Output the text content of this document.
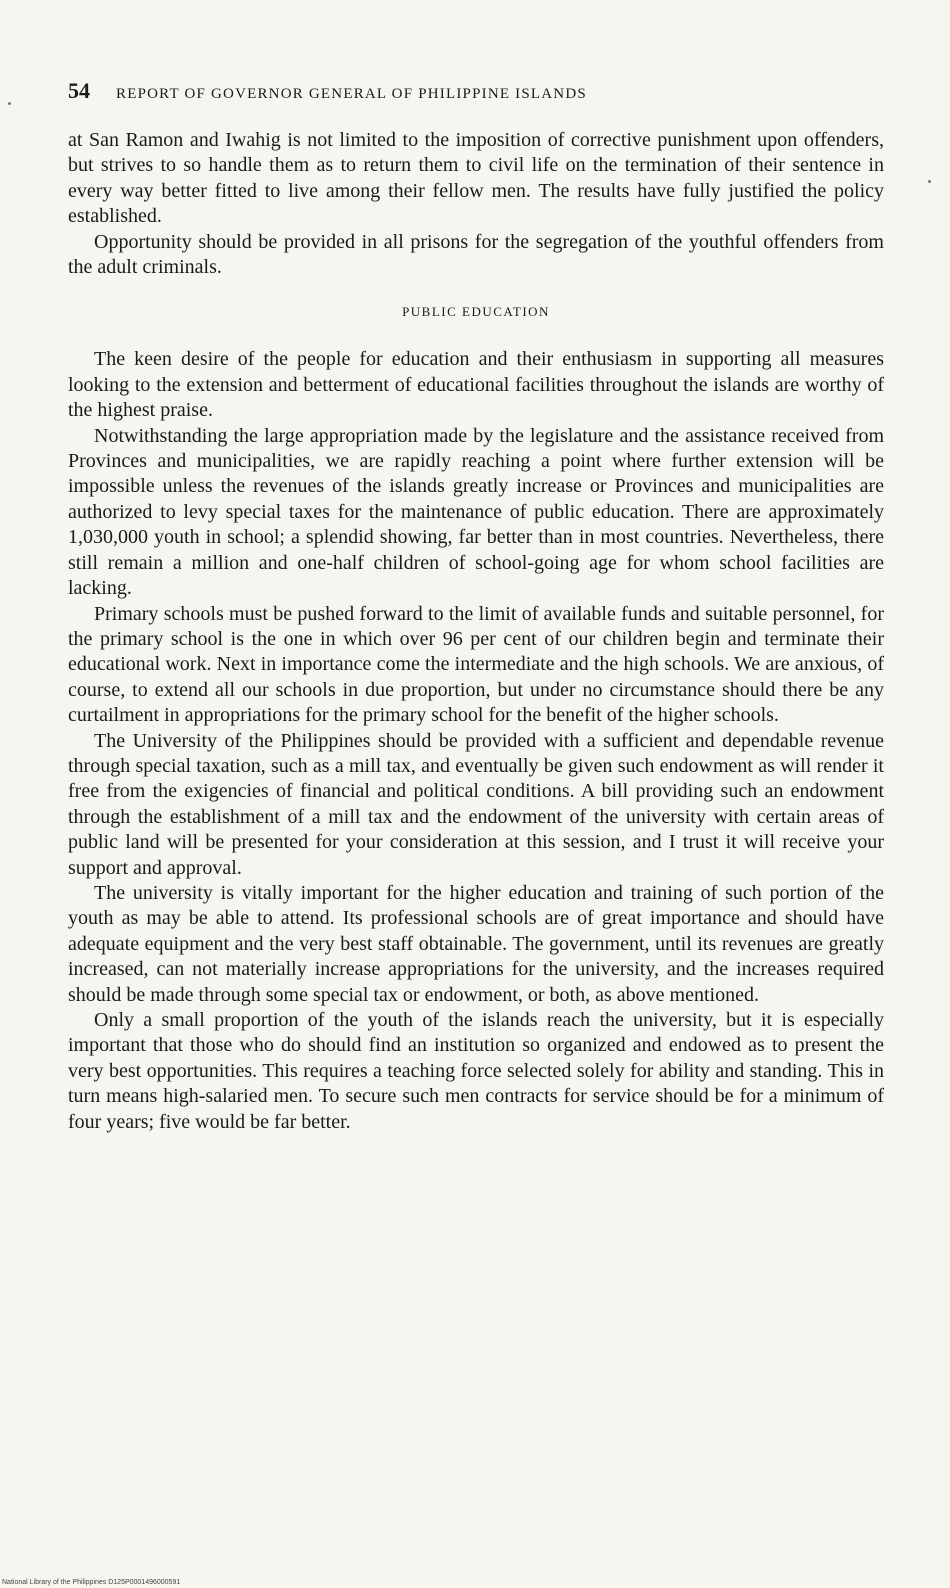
54 REPORT OF GOVERNOR GENERAL OF PHILIPPINE ISLANDS

at San Ramon and Iwahig is not limited to the imposition of corrective punishment upon offenders, but strives to so handle them as to return them to civil life on the termination of their sentence in every way better fitted to live among their fellow men. The results have fully justified the policy established.

Opportunity should be provided in all prisons for the segregation of the youthful offenders from the adult criminals.

PUBLIC EDUCATION

The keen desire of the people for education and their enthusiasm in supporting all measures looking to the extension and betterment of educational facilities throughout the islands are worthy of the highest praise.

Notwithstanding the large appropriation made by the legislature and the assistance received from Provinces and municipalities, we are rapidly reaching a point where further extension will be impossible unless the revenues of the islands greatly increase or Provinces and municipalities are authorized to levy special taxes for the maintenance of public education. There are approximately 1,030,000 youth in school; a splendid showing, far better than in most countries. Nevertheless, there still remain a million and one-half children of school-going age for whom school facilities are lacking.

Primary schools must be pushed forward to the limit of available funds and suitable personnel, for the primary school is the one in which over 96 per cent of our children begin and terminate their educational work. Next in importance come the intermediate and the high schools. We are anxious, of course, to extend all our schools in due proportion, but under no circumstance should there be any curtailment in appropriations for the primary school for the benefit of the higher schools.

The University of the Philippines should be provided with a sufficient and dependable revenue through special taxation, such as a mill tax, and eventually be given such endowment as will render it free from the exigencies of financial and political conditions. A bill providing such an endowment through the establishment of a mill tax and the endowment of the university with certain areas of public land will be presented for your consideration at this session, and I trust it will receive your support and approval.

The university is vitally important for the higher education and training of such portion of the youth as may be able to attend. Its professional schools are of great importance and should have adequate equipment and the very best staff obtainable. The government, until its revenues are greatly increased, can not materially increase appropriations for the university, and the increases required should be made through some special tax or endowment, or both, as above mentioned.

Only a small proportion of the youth of the islands reach the university, but it is especially important that those who do should find an institution so organized and endowed as to present the very best opportunities. This requires a teaching force selected solely for ability and standing. This in turn means high-salaried men. To secure such men contracts for service should be for a minimum of four years; five would be far better.

National Library of the Philippines D125P0001496000591
